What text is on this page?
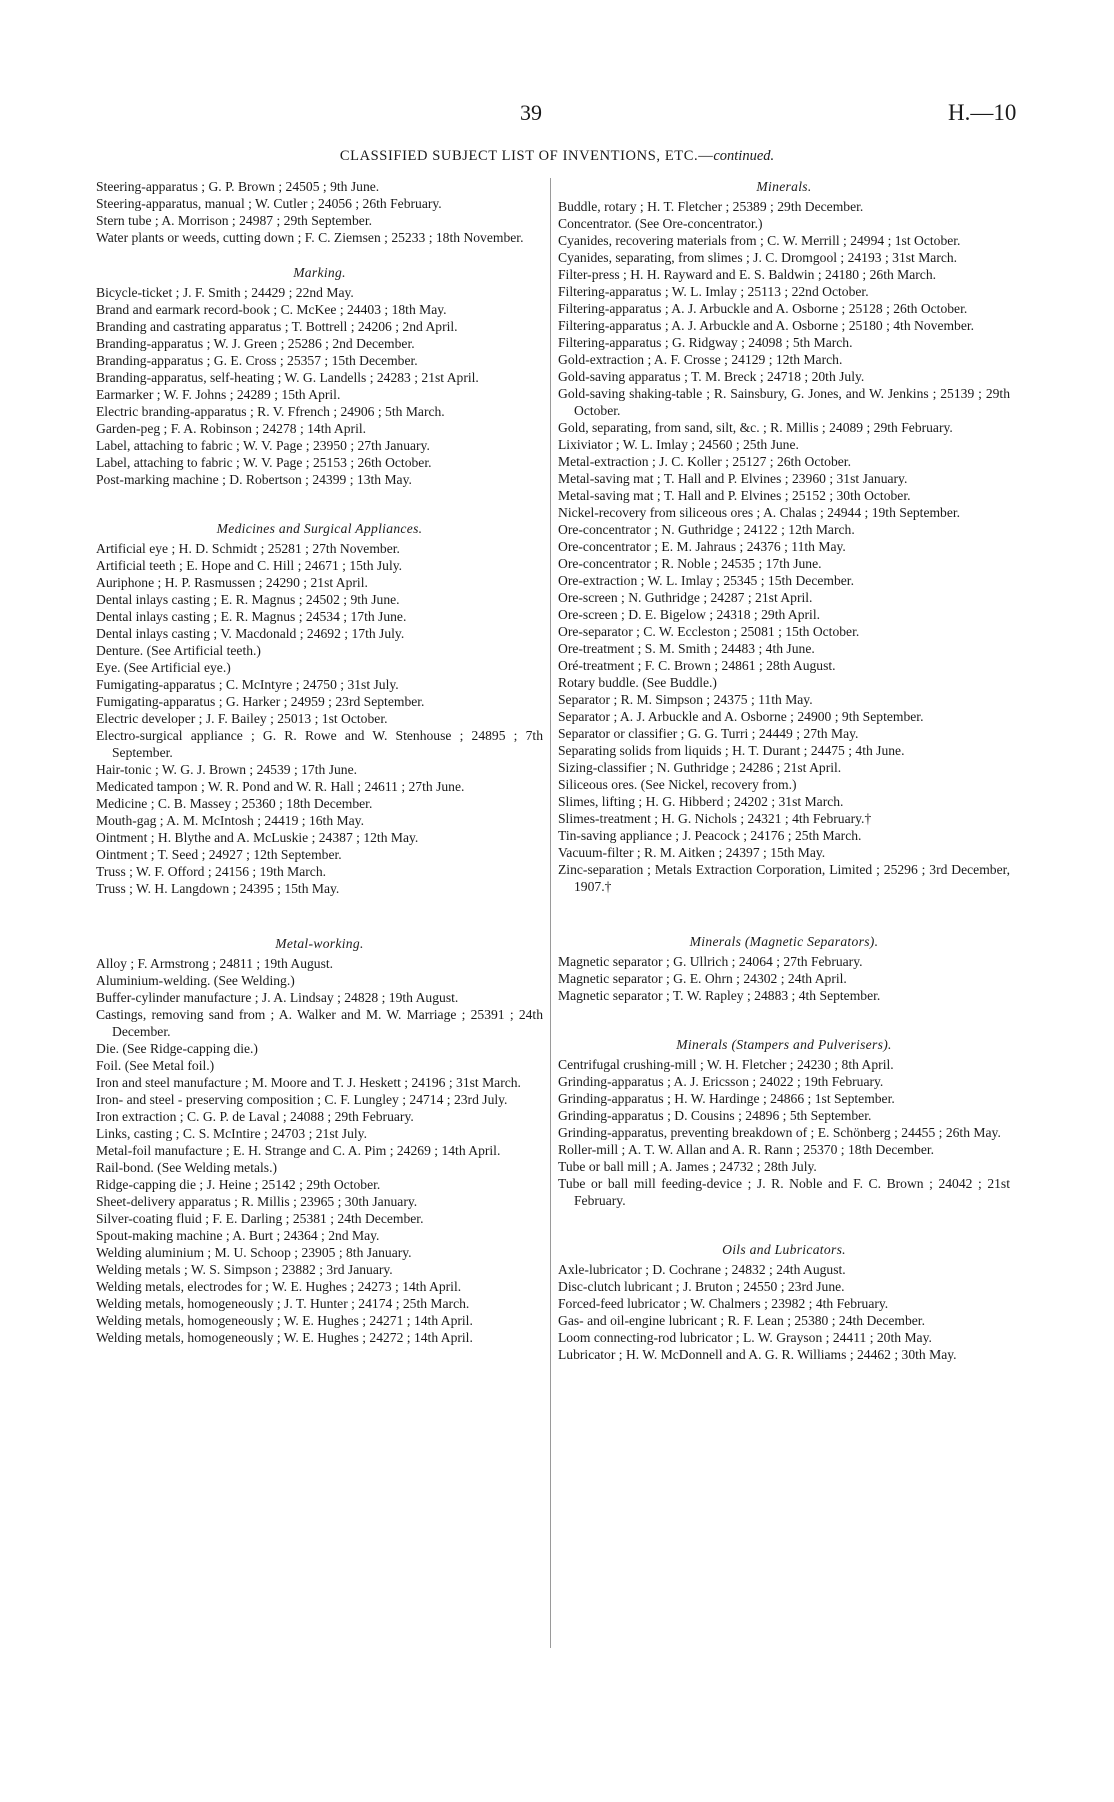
39	H.—10
CLASSIFIED SUBJECT LIST OF INVENTIONS, ETC.—continued.
Steering-apparatus ; G. P. Brown ; 24505 ; 9th June.
Steering-apparatus, manual ; W. Cutler ; 24056 ; 26th February.
Stern tube ; A. Morrison ; 24987 ; 29th September.
Water plants or weeds, cutting down ; F. C. Ziemsen ; 25233 ; 18th November.
Marking.
Bicycle-ticket ; J. F. Smith ; 24429 ; 22nd May.
Brand and earmark record-book ; C. McKee ; 24403 ; 18th May.
Branding and castrating apparatus ; T. Bottrell ; 24206 ; 2nd April.
Branding-apparatus ; W. J. Green ; 25286 ; 2nd December.
Branding-apparatus ; G. E. Cross ; 25357 ; 15th December.
Branding-apparatus, self-heating ; W. G. Landells ; 24283 ; 21st April.
Earmarker ; W. F. Johns ; 24289 ; 15th April.
Electric branding-apparatus ; R. V. Ffrench ; 24906 ; 5th March.
Garden-peg ; F. A. Robinson ; 24278 ; 14th April.
Label, attaching to fabric ; W. V. Page ; 23950 ; 27th January.
Label, attaching to fabric ; W. V. Page ; 25153 ; 26th October.
Post-marking machine ; D. Robertson ; 24399 ; 13th May.
Medicines and Surgical Appliances.
Artificial eye ; H. D. Schmidt ; 25281 ; 27th November.
Artificial teeth ; E. Hope and C. Hill ; 24671 ; 15th July.
Auriphone ; H. P. Rasmussen ; 24290 ; 21st April.
Dental inlays casting ; E. R. Magnus ; 24502 ; 9th June.
Dental inlays casting ; E. R. Magnus ; 24534 ; 17th June.
Dental inlays casting ; V. Macdonald ; 24692 ; 17th July.
Denture. (See Artificial teeth.)
Eye. (See Artificial eye.)
Fumigating-apparatus ; C. McIntyre ; 24750 ; 31st July.
Fumigating-apparatus ; G. Harker ; 24959 ; 23rd September.
Electric developer ; J. F. Bailey ; 25013 ; 1st October.
Electro-surgical appliance ; G. R. Rowe and W. Stenhouse ; 24895 ; 7th September.
Hair-tonic ; W. G. J. Brown ; 24539 ; 17th June.
Medicated tampon ; W. R. Pond and W. R. Hall ; 24611 ; 27th June.
Medicine ; C. B. Massey ; 25360 ; 18th December.
Mouth-gag ; A. M. McIntosh ; 24419 ; 16th May.
Ointment ; H. Blythe and A. McLuskie ; 24387 ; 12th May.
Ointment ; T. Seed ; 24927 ; 12th September.
Truss ; W. F. Offord ; 24156 ; 19th March.
Truss ; W. H. Langdown ; 24395 ; 15th May.
Metal-working.
Alloy ; F. Armstrong ; 24811 ; 19th August.
Aluminium-welding. (See Welding.)
Buffer-cylinder manufacture ; J. A. Lindsay ; 24828 ; 19th August.
Castings, removing sand from ; A. Walker and M. W. Marriage ; 25391 ; 24th December.
Die. (See Ridge-capping die.)
Foil. (See Metal foil.)
Iron and steel manufacture ; M. Moore and T. J. Heskett ; 24196 ; 31st March.
Iron- and steel - preserving composition ; C. F. Lungley ; 24714 ; 23rd July.
Iron extraction ; C. G. P. de Laval ; 24088 ; 29th February.
Links, casting ; C. S. McIntire ; 24703 ; 21st July.
Metal-foil manufacture ; E. H. Strange and C. A. Pim ; 24269 ; 14th April.
Rail-bond. (See Welding metals.)
Ridge-capping die ; J. Heine ; 25142 ; 29th October.
Sheet-delivery apparatus ; R. Millis ; 23965 ; 30th January.
Silver-coating fluid ; F. E. Darling ; 25381 ; 24th December.
Spout-making machine ; A. Burt ; 24364 ; 2nd May.
Welding aluminium ; M. U. Schoop ; 23905 ; 8th January.
Welding metals ; W. S. Simpson ; 23882 ; 3rd January.
Welding metals, electrodes for ; W. E. Hughes ; 24273 ; 14th April.
Welding metals, homogeneously ; J. T. Hunter ; 24174 ; 25th March.
Welding metals, homogeneously ; W. E. Hughes ; 24271 ; 14th April.
Welding metals, homogeneously ; W. E. Hughes ; 24272 ; 14th April.
Minerals.
Buddle, rotary ; H. T. Fletcher ; 25389 ; 29th December.
Concentrator. (See Ore-concentrator.)
Cyanides, recovering materials from ; C. W. Merrill ; 24994 ; 1st October.
Cyanides, separating, from slimes ; J. C. Dromgool ; 24193 ; 31st March.
Filter-press ; H. H. Rayward and E. S. Baldwin ; 24180 ; 26th March.
Filtering-apparatus ; W. L. Imlay ; 25113 ; 22nd October.
Filtering-apparatus ; A. J. Arbuckle and A. Osborne ; 25128 ; 26th October.
Filtering-apparatus ; A. J. Arbuckle and A. Osborne ; 25180 ; 4th November.
Filtering-apparatus ; G. Ridgway ; 24098 ; 5th March.
Gold-extraction ; A. F. Crosse ; 24129 ; 12th March.
Gold-saving apparatus ; T. M. Breck ; 24718 ; 20th July.
Gold-saving shaking-table ; R. Sainsbury, G. Jones, and W. Jenkins ; 25139 ; 29th October.
Gold, separating, from sand, silt, &c. ; R. Millis ; 24089 ; 29th February.
Lixiviator ; W. L. Imlay ; 24560 ; 25th June.
Metal-extraction ; J. C. Koller ; 25127 ; 26th October.
Metal-saving mat ; T. Hall and P. Elvines ; 23960 ; 31st January.
Metal-saving mat ; T. Hall and P. Elvines ; 25152 ; 30th October.
Nickel-recovery from siliceous ores ; A. Chalas ; 24944 ; 19th September.
Ore-concentrator ; N. Guthridge ; 24122 ; 12th March.
Ore-concentrator ; E. M. Jahraus ; 24376 ; 11th May.
Ore-concentrator ; R. Noble ; 24535 ; 17th June.
Ore-extraction ; W. L. Imlay ; 25345 ; 15th December.
Ore-screen ; N. Guthridge ; 24287 ; 21st April.
Ore-screen ; D. E. Bigelow ; 24318 ; 29th April.
Ore-separator ; C. W. Eccleston ; 25081 ; 15th October.
Ore-treatment ; S. M. Smith ; 24483 ; 4th June.
Oré-treatment ; F. C. Brown ; 24861 ; 28th August.
Rotary buddle. (See Buddle.)
Separator ; R. M. Simpson ; 24375 ; 11th May.
Separator ; A. J. Arbuckle and A. Osborne ; 24900 ; 9th September.
Separator or classifier ; G. G. Turri ; 24449 ; 27th May.
Separating solids from liquids ; H. T. Durant ; 24475 ; 4th June.
Sizing-classifier ; N. Guthridge ; 24286 ; 21st April.
Siliceous ores. (See Nickel, recovery from.)
Slimes, lifting ; H. G. Hibberd ; 24202 ; 31st March.
Slimes-treatment ; H. G. Nichols ; 24321 ; 4th February.†
Tin-saving appliance ; J. Peacock ; 24176 ; 25th March.
Vacuum-filter ; R. M. Aitken ; 24397 ; 15th May.
Zinc-separation ; Metals Extraction Corporation, Limited ; 25296 ; 3rd December, 1907.†
Minerals (Magnetic Separators).
Magnetic separator ; G. Ullrich ; 24064 ; 27th February.
Magnetic separator ; G. E. Ohrn ; 24302 ; 24th April.
Magnetic separator ; T. W. Rapley ; 24883 ; 4th September.
Minerals (Stampers and Pulverisers).
Centrifugal crushing-mill ; W. H. Fletcher ; 24230 ; 8th April.
Grinding-apparatus ; A. J. Ericsson ; 24022 ; 19th February.
Grinding-apparatus ; H. W. Hardinge ; 24866 ; 1st September.
Grinding-apparatus ; D. Cousins ; 24896 ; 5th September.
Grinding-apparatus, preventing breakdown of ; E. Schönberg ; 24455 ; 26th May.
Roller-mill ; A. T. W. Allan and A. R. Rann ; 25370 ; 18th December.
Tube or ball mill ; A. James ; 24732 ; 28th July.
Tube or ball mill feeding-device ; J. R. Noble and F. C. Brown ; 24042 ; 21st February.
Oils and Lubricators.
Axle-lubricator ; D. Cochrane ; 24832 ; 24th August.
Disc-clutch lubricant ; J. Bruton ; 24550 ; 23rd June.
Forced-feed lubricator ; W. Chalmers ; 23982 ; 4th February.
Gas- and oil-engine lubricant ; R. F. Lean ; 25380 ; 24th December.
Loom connecting-rod lubricator ; L. W. Grayson ; 24411 ; 20th May.
Lubricator ; H. W. McDonnell and A. G. R. Williams ; 24462 ; 30th May.
